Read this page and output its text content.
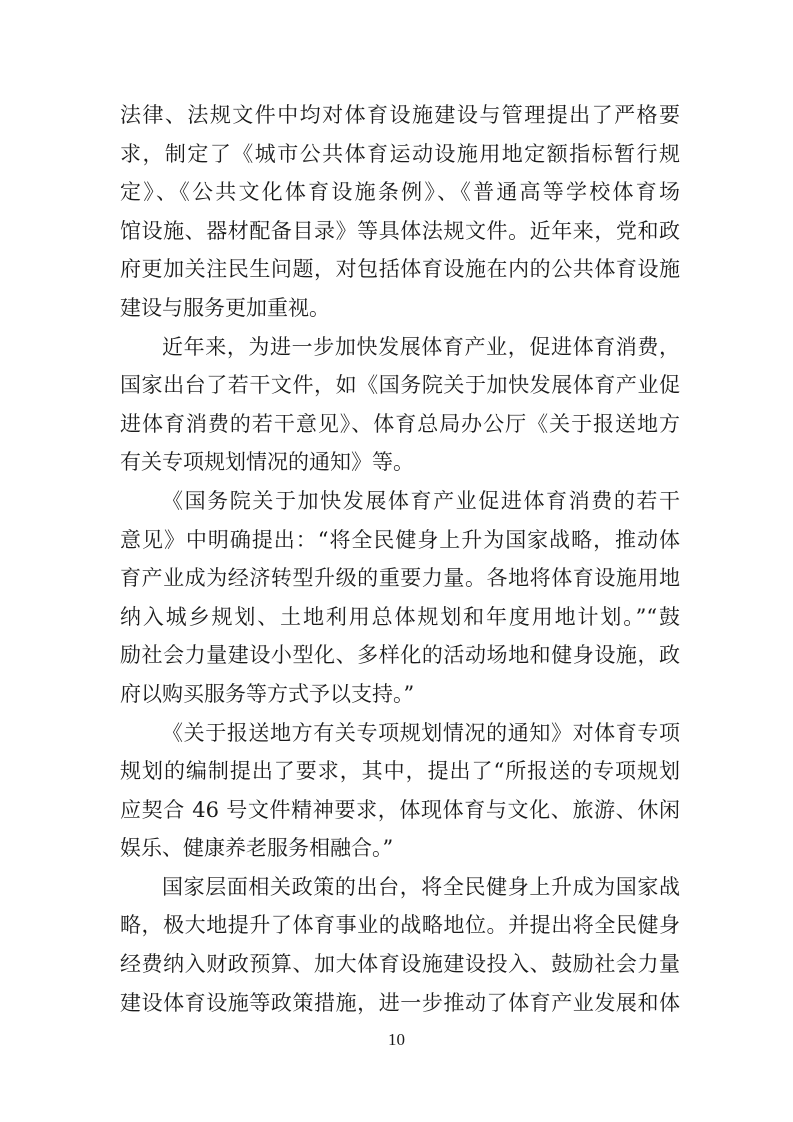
法律、法规文件中均对体育设施建设与管理提出了严格要
求，制定了《城市公共体育运动设施用地定额指标暂行规
定》、《公共文化体育设施条例》、《普通高等学校体育场
馆设施、器材配备目录》等具体法规文件。近年来，党和政
府更加关注民生问题，对包括体育设施在内的公共体育设施
建设与服务更加重视。
近年来，为进一步加快发展体育产业，促进体育消费，
国家出台了若干文件，如《国务院关于加快发展体育产业促
进体育消费的若干意见》、体育总局办公厅《关于报送地方
有关专项规划情况的通知》等。
《国务院关于加快发展体育产业促进体育消费的若干
意见》中明确提出：“将全民健身上升为国家战略，推动体
育产业成为经济转型升级的重要力量。各地将体育设施用地
纳入城乡规划、土地利用总体规划和年度用地计划。”“鼓
励社会力量建设小型化、多样化的活动场地和健身设施，政
府以购买服务等方式予以支持。”
《关于报送地方有关专项规划情况的通知》对体育专项
规划的编制提出了要求，其中，提出了“所报送的专项规划
应契合 46 号文件精神要求，体现体育与文化、旅游、休闲
娱乐、健康养老服务相融合。”
国家层面相关政策的出台，将全民健身上升成为国家战
略，极大地提升了体育事业的战略地位。并提出将全民健身
经费纳入财政预算、加大体育设施建设投入、鼓励社会力量
建设体育设施等政策措施，进一步推动了体育产业发展和体
10
